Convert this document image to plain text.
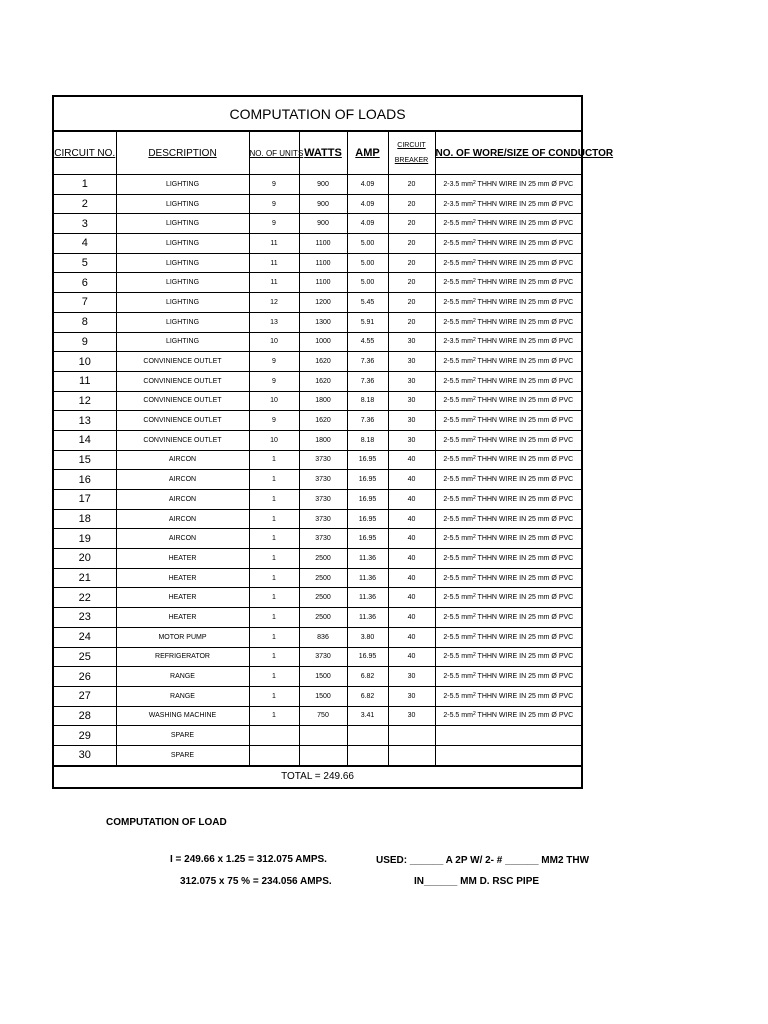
COMPUTATION OF LOADS						
CIRCUIT NO.	DESCRIPTION	NO. OF UNITS	WATTS	AMP	CIRCUIT BREAKER	NO. OF WORE/SIZE OF CONDUCTOR
1	LIGHTING	9	900	4.09	20	2-3.5 $mm^2$ THHN WIRE IN 25 mm Ø PVC
2	LIGHTING	9	900	4.09	20	2-3.5 $mm^2$ THHN WIRE IN 25 mm Ø PVC
3	LIGHTING	9	900	4.09	20	2-5.5 $mm^2$ THHN WIRE IN 25 mm Ø PVC
4	LIGHTING	11	1100	5.00	20	2-5.5 $mm^2$ THHN WIRE IN 25 mm Ø PVC
5	LIGHTING	11	1100	5.00	20	2-5.5 $mm^2$ THHN WIRE IN 25 mm Ø PVC
6	LIGHTING	11	1100	5.00	20	2-5.5 $mm^2$ THHN WIRE IN 25 mm Ø PVC
7	LIGHTING	12	1200	5.45	20	2-5.5 $mm^2$ THHN WIRE IN 25 mm Ø PVC
8	LIGHTING	13	1300	5.91	20	2-5.5 $mm^2$ THHN WIRE IN 25 mm Ø PVC
9	LIGHTING	10	1000	4.55	30	2-3.5 $mm^2$ THHN WIRE IN 25 mm Ø PVC
10	CONVINIENCE OUTLET	9	1620	7.36	30	2-5.5 $mm^2$ THHN WIRE IN 25 mm Ø PVC
11	CONVINIENCE OUTLET	9	1620	7.36	30	2-5.5 $mm^2$ THHN WIRE IN 25 mm Ø PVC
12	CONVINIENCE OUTLET	10	1800	8.18	30	2-5.5 $mm^2$ THHN WIRE IN 25 mm Ø PVC
13	CONVINIENCE OUTLET	9	1620	7.36	30	2-5.5 $mm^2$ THHN WIRE IN 25 mm Ø PVC
14	CONVINIENCE OUTLET	10	1800	8.18	30	2-5.5 $mm^2$ THHN WIRE IN 25 mm Ø PVC
15	AIRCON	1	3730	16.95	40	2-5.5 $mm^2$ THHN WIRE IN 25 mm Ø PVC
16	AIRCON	1	3730	16.95	40	2-5.5 $mm^2$ THHN WIRE IN 25 mm Ø PVC
17	AIRCON	1	3730	16.95	40	2-5.5 $mm^2$ THHN WIRE IN 25 mm Ø PVC
18	AIRCON	1	3730	16.95	40	2-5.5 $mm^2$ THHN WIRE IN 25 mm Ø PVC
19	AIRCON	1	3730	16.95	40	2-5.5 $mm^2$ THHN WIRE IN 25 mm Ø PVC
20	HEATER	1	2500	11.36	40	2-5.5 $mm^2$ THHN WIRE IN 25 mm Ø PVC
21	HEATER	1	2500	11.36	40	2-5.5 $mm^2$ THHN WIRE IN 25 mm Ø PVC
22	HEATER	1	2500	11.36	40	2-5.5 $mm^2$ THHN WIRE IN 25 mm Ø PVC
23	HEATER	1	2500	11.36	40	2-5.5 $mm^2$ THHN WIRE IN 25 mm Ø PVC
24	MOTOR PUMP	1	836	3.80	40	2-5.5 $mm^2$ THHN WIRE IN 25 mm Ø PVC
25	REFRIGERATOR	1	3730	16.95	40	2-5.5 $mm^2$ THHN WIRE IN 25 mm Ø PVC
26	RANGE	1	1500	6.82	30	2-5.5 $mm^2$ THHN WIRE IN 25 mm Ø PVC
27	RANGE	1	1500	6.82	30	2-5.5 $mm^2$ THHN WIRE IN 25 mm Ø PVC
28	WASHING MACHINE	1	750	3.41	30	2-5.5 $mm^2$ THHN WIRE IN 25 mm Ø PVC
29	SPARE					
30	SPARE					
TOTAL = 249.66						
COMPUTATION OF LOAD
I = 249.66 x 1.25 = 312.075 AMPS.
312.075 x 75 % = 234.056 AMPS.
USED: ______ A 2P W/ 2- # ______ MM2 THW
IN______ MM D. RSC PIPE
